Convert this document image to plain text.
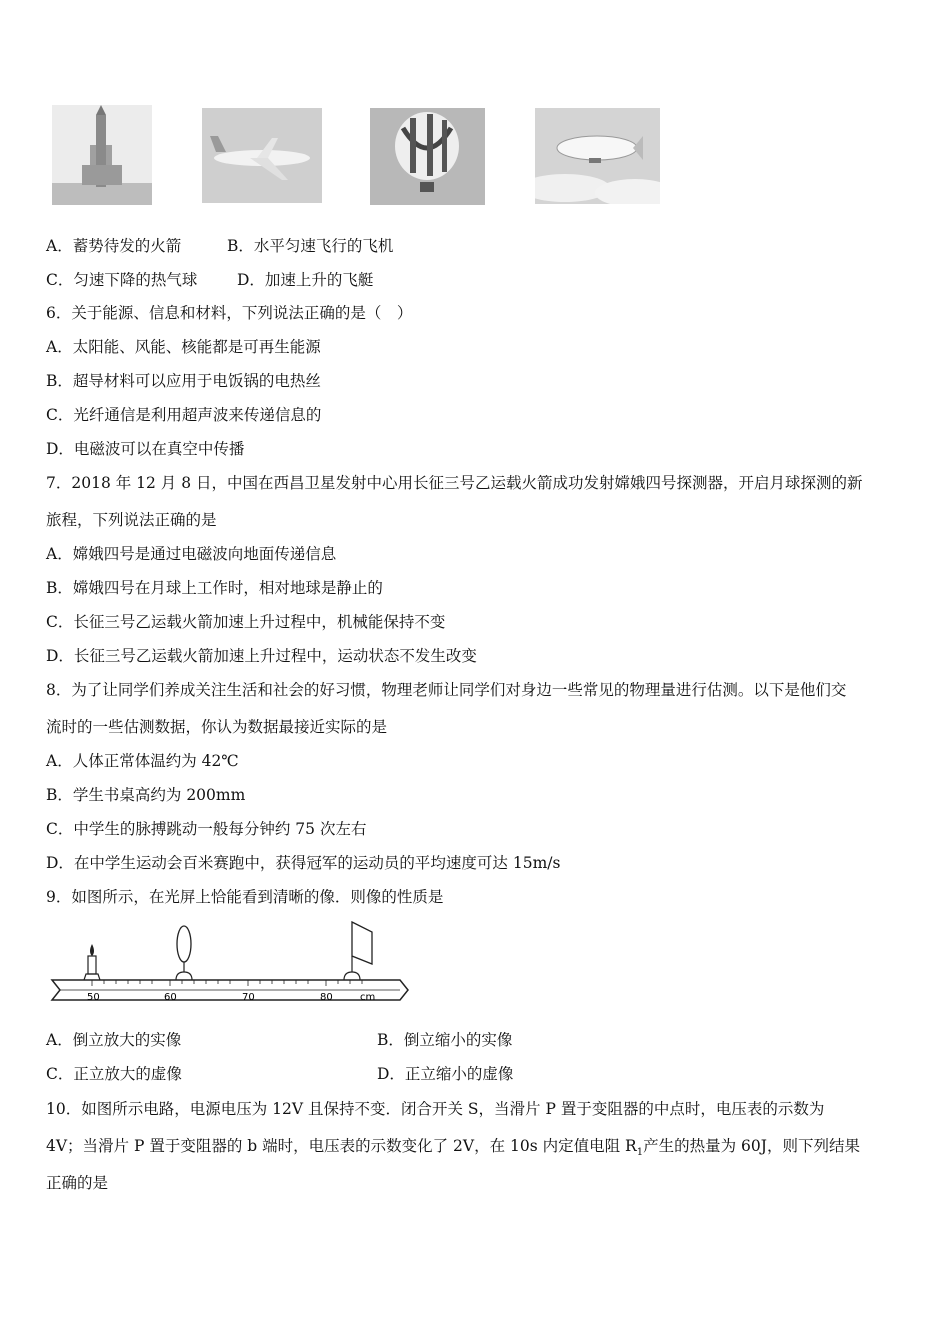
A．蓄势待发的火箭	B．水平匀速飞行的飞机
C．匀速下降的热气球	D．加速上升的飞艇
6．关于能源、信息和材料，下列说法正确的是（　）
A．太阳能、风能、核能都是可再生能源
B．超导材料可以应用于电饭锅的电热丝
C．光纤通信是利用超声波来传递信息的
D．电磁波可以在真空中传播
7．2018 年 12 月 8 日，中国在西昌卫星发射中心用长征三号乙运载火箭成功发射嫦娥四号探测器，开启月球探测的新
旅程，下列说法正确的是
A．嫦娥四号是通过电磁波向地面传递信息
B．嫦娥四号在月球上工作时，相对地球是静止的
C．长征三号乙运载火箭加速上升过程中，机械能保持不变
D．长征三号乙运载火箭加速上升过程中，运动状态不发生改变
8．为了让同学们养成关注生活和社会的好习惯，物理老师让同学们对身边一些常见的物理量进行估测。以下是他们交
流时的一些估测数据，你认为数据最接近实际的是
A．人体正常体温约为 42℃
B．学生书桌高约为 200mm
C．中学生的脉搏跳动一般每分钟约 75 次左右
D．在中学生运动会百米赛跑中，获得冠军的运动员的平均速度可达 15m/s
9．如图所示，在光屏上恰能看到清晰的像．则像的性质是
50	60	70	80	cm
A．倒立放大的实像	B．倒立缩小的实像
C．正立放大的虚像	D．正立缩小的虚像
10．如图所示电路，电源电压为 12V 且保持不变．闭合开关 S，当滑片 P 置于变阻器的中点时，电压表的示数为
4V；当滑片 P 置于变阻器的 b 端时，电压表的示数变化了 2V，在 10s 内定值电阻 $R_1$产生的热量为 60J，则下列结果
正确的是
